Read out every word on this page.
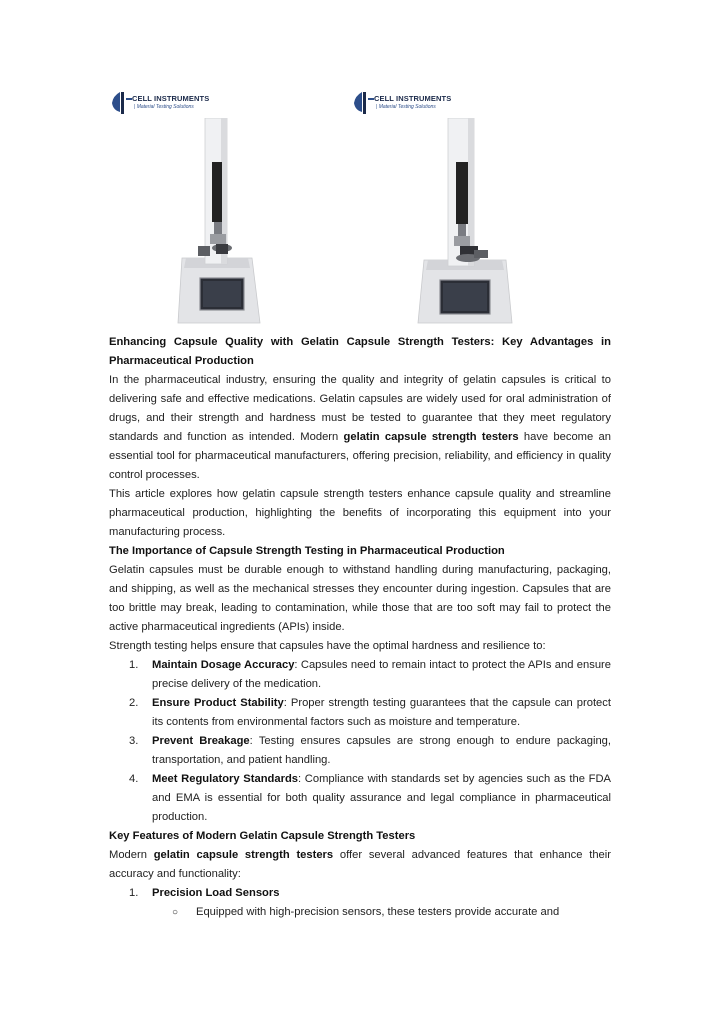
CELL INSTRUMENTS
| Material Testing Solutions
CELL INSTRUMENTS
| Material Testing Solutions

Enhancing Capsule Quality with Gelatin Capsule Strength Testers: Key Advantages in Pharmaceutical Production

In the pharmaceutical industry, ensuring the quality and integrity of gelatin capsules is critical to delivering safe and effective medications. Gelatin capsules are widely used for oral administration of drugs, and their strength and hardness must be tested to guarantee that they meet regulatory standards and function as intended. Modern gelatin capsule strength testers have become an essential tool for pharmaceutical manufacturers, offering precision, reliability, and efficiency in quality control processes.

This article explores how gelatin capsule strength testers enhance capsule quality and streamline pharmaceutical production, highlighting the benefits of incorporating this equipment into your manufacturing process.

The Importance of Capsule Strength Testing in Pharmaceutical Production

Gelatin capsules must be durable enough to withstand handling during manufacturing, packaging, and shipping, as well as the mechanical stresses they encounter during ingestion. Capsules that are too brittle may break, leading to contamination, while those that are too soft may fail to protect the active pharmaceutical ingredients (APIs) inside.

Strength testing helps ensure that capsules have the optimal hardness and resilience to:

1. Maintain Dosage Accuracy: Capsules need to remain intact to protect the APIs and ensure precise delivery of the medication.
2. Ensure Product Stability: Proper strength testing guarantees that the capsule can protect its contents from environmental factors such as moisture and temperature.
3. Prevent Breakage: Testing ensures capsules are strong enough to endure packaging, transportation, and patient handling.
4. Meet Regulatory Standards: Compliance with standards set by agencies such as the FDA and EMA is essential for both quality assurance and legal compliance in pharmaceutical production.

Key Features of Modern Gelatin Capsule Strength Testers

Modern gelatin capsule strength testers offer several advanced features that enhance their accuracy and functionality:

1. Precision Load Sensors
○ Equipped with high-precision sensors, these testers provide accurate and
